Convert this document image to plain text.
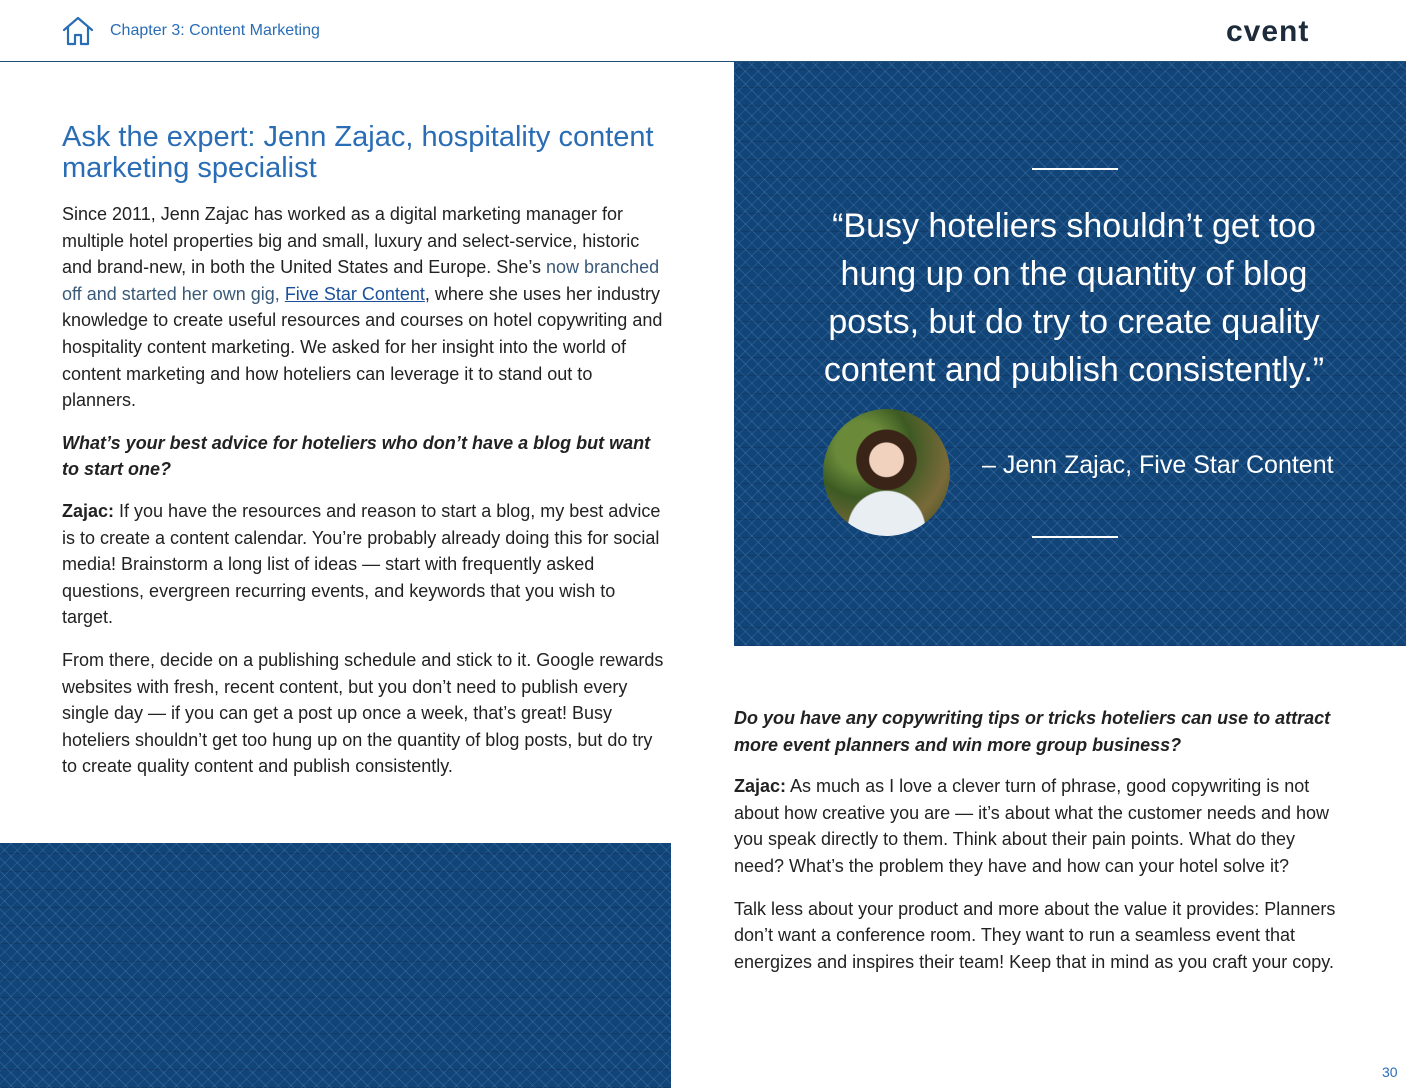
Chapter 3: Content Marketing	cvent
Ask the expert: Jenn Zajac, hospitality content marketing specialist

Since 2011, Jenn Zajac has worked as a digital marketing manager for multiple hotel properties big and small, luxury and select-service, historic and brand-new, in both the United States and Europe. She’s now branched off and started her own gig, Five Star Content, where she uses her industry knowledge to create useful resources and courses on hotel copywriting and hospitality content marketing. We asked for her insight into the world of content marketing and how hoteliers can leverage it to stand out to planners.

What’s your best advice for hoteliers who don’t have a blog but want to start one?

Zajac: If you have the resources and reason to start a blog, my best advice is to create a content calendar. You’re probably already doing this for social media! Brainstorm a long list of ideas — start with frequently asked questions, evergreen recurring events, and keywords that you wish to target.

From there, decide on a publishing schedule and stick to it. Google rewards websites with fresh, recent content, but you don’t need to publish every single day — if you can get a post up once a week, that’s great! Busy hoteliers shouldn’t get too hung up on the quantity of blog posts, but do try to create quality content and publish consistently.

“Busy hoteliers shouldn’t get too hung up on the quantity of blog posts, but do try to create quality content and publish consistently.”
– Jenn Zajac, Five Star Content

Do you have any copywriting tips or tricks hoteliers can use to attract more event planners and win more group business?

Zajac: As much as I love a clever turn of phrase, good copywriting is not about how creative you are — it’s about what the customer needs and how you speak directly to them. Think about their pain points. What do they need? What’s the problem they have and how can your hotel solve it?

Talk less about your product and more about the value it provides: Planners don’t want a conference room. They want to run a seamless event that energizes and inspires their team! Keep that in mind as you craft your copy.

30
